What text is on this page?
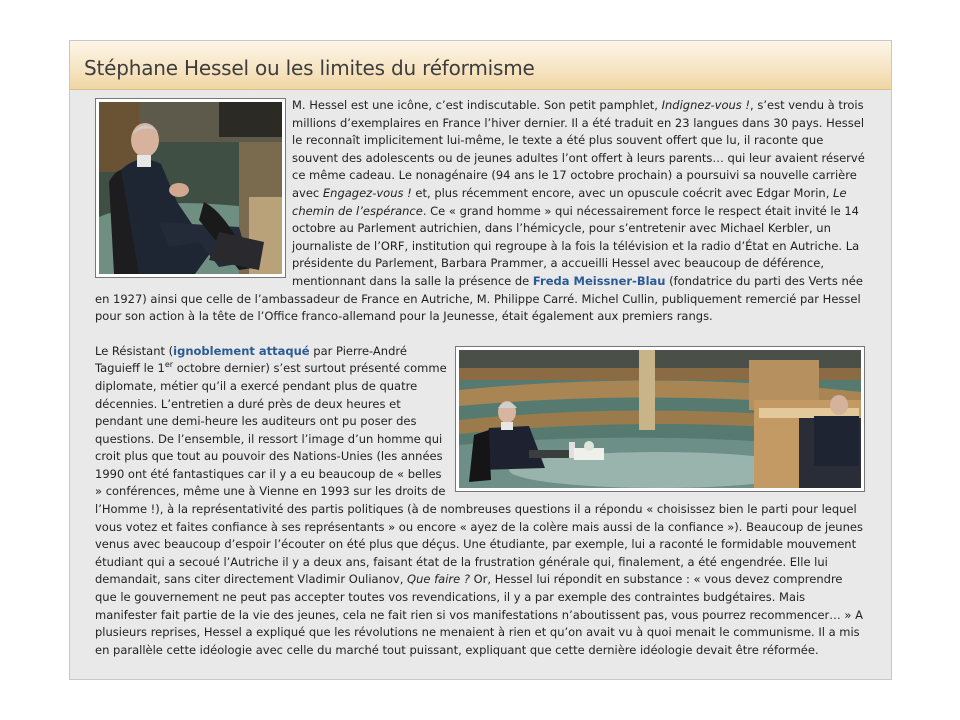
Stéphane Hessel ou les limites du réformisme

M. Hessel est une icône, c’est indiscutable. Son petit pamphlet, Indignez-vous !, s’est vendu à trois millions d’exemplaires en France l’hiver dernier. Il a été traduit en 23 langues dans 30 pays. Hessel le reconnaît implicitement lui-même, le texte a été plus souvent offert que lu, il raconte que souvent des adolescents ou de jeunes adultes l’ont offert à leurs parents… qui leur avaient réservé ce même cadeau. Le nonagénaire (94 ans le 17 octobre prochain) a poursuivi sa nouvelle carrière avec Engagez-vous ! et, plus récemment encore, avec un opuscule coécrit avec Edgar Morin, Le chemin de l’espérance. Ce « grand homme » qui nécessairement force le respect était invité le 14 octobre au Parlement autrichien, dans l’hémicycle, pour s’entretenir avec Michael Kerbler, un journaliste de l’ORF, institution qui regroupe à la fois la télévision et la radio d’État en Autriche. La présidente du Parlement, Barbara Prammer, a accueilli Hessel avec beaucoup de déférence, mentionnant dans la salle la présence de Freda Meissner-Blau (fondatrice du parti des Verts née en 1927) ainsi que celle de l’ambassadeur de France en Autriche, M. Philippe Carré. Michel Cullin, publiquement remercié par Hessel pour son action à la tête de l’Office franco-allemand pour la Jeunesse, était également aux premiers rangs.

Le Résistant (ignoblement attaqué par Pierre-André Taguieff le 1er octobre dernier) s’est surtout présenté comme diplomate, métier qu’il a exercé pendant plus de quatre décennies. L’entretien a duré près de deux heures et pendant une demi-heure les auditeurs ont pu poser des questions. De l’ensemble, il ressort l’image d’un homme qui croit plus que tout au pouvoir des Nations-Unies (les années 1990 ont été fantastiques car il y a eu beaucoup de « belles » conférences, même une à Vienne en 1993 sur les droits de l’Homme !), à la représentativité des partis politiques (à de nombreuses questions il a répondu « choisissez bien le parti pour lequel vous votez et faites confiance à ses représentants » ou encore « ayez de la colère mais aussi de la confiance »). Beaucoup de jeunes venus avec beaucoup d’espoir l’écouter on été plus que déçus. Une étudiante, par exemple, lui a raconté le formidable mouvement étudiant qui a secoué l’Autriche il y a deux ans, faisant état de la frustration générale qui, finalement, a été engendrée. Elle lui demandait, sans citer directement Vladimir Oulianov, Que faire ? Or, Hessel lui répondit en substance : « vous devez comprendre que le gouvernement ne peut pas accepter toutes vos revendications, il y a par exemple des contraintes budgétaires. Mais manifester fait partie de la vie des jeunes, cela ne fait rien si vos manifestations n’aboutissent pas, vous pourrez recommencer… » A plusieurs reprises, Hessel a expliqué que les révolutions ne menaient à rien et qu’on avait vu à quoi menait le communisme. Il a mis en parallèle cette idéologie avec celle du marché tout puissant, expliquant que cette dernière idéologie devait être réformée.
